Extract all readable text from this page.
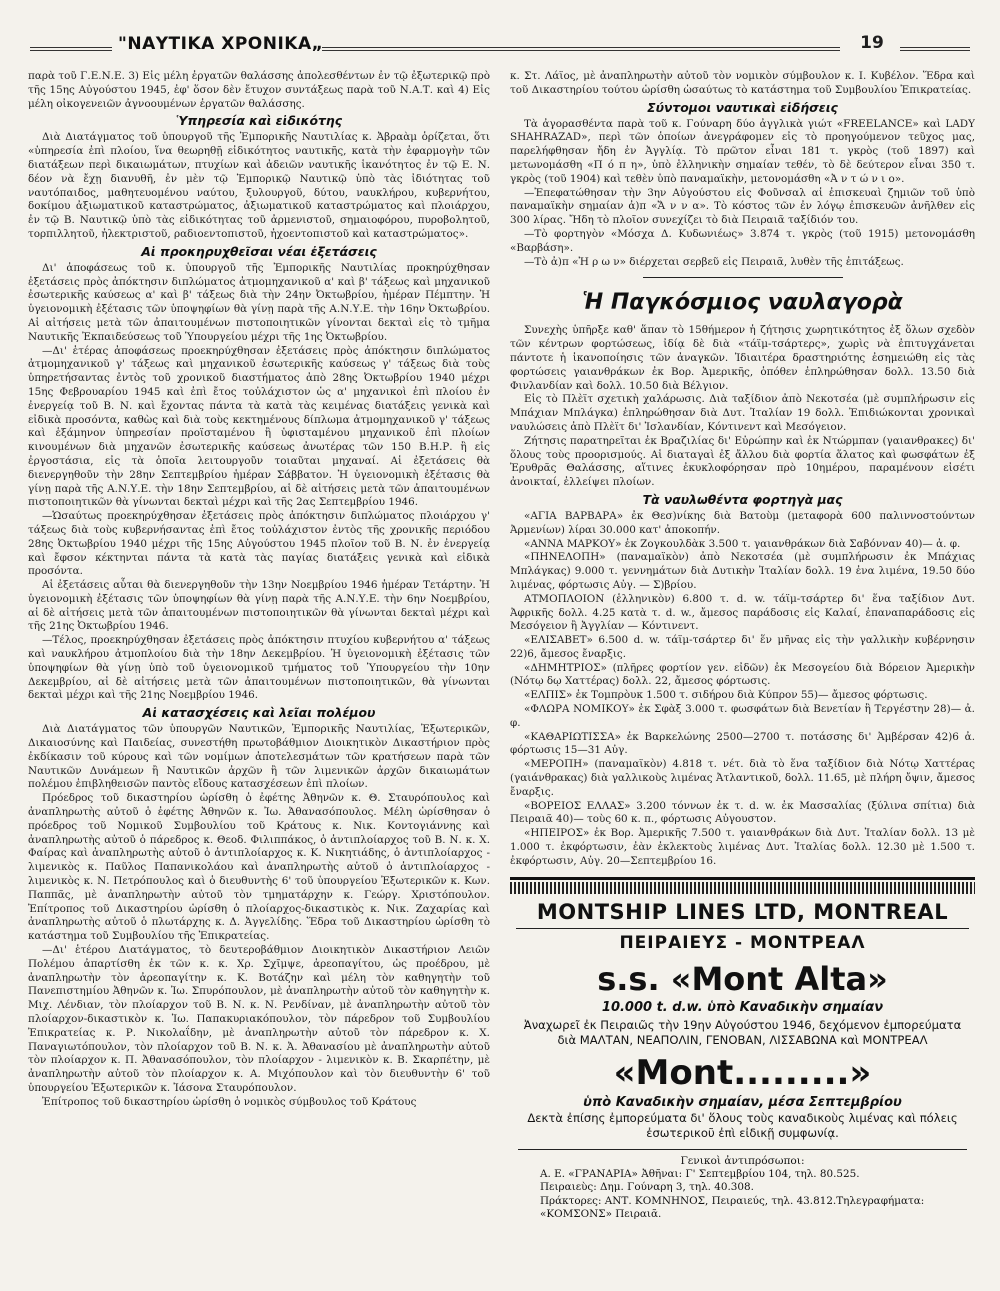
"ΝΑΥΤΙΚΑ ΧΡΟΝΙΚΑ„	19

παρὰ τοῦ Γ.Ε.Ν.Ε. 3) Εἰς μέλη ἐργατῶν θαλάσσης ἀπολεσθέντων ἐν τῷ ἐξωτερικῷ πρὸ τῆς 15ης Αὐγούστου 1945, ἐφ' ὅσον δὲν ἔτυχον συντάξεως παρὰ τοῦ Ν.Α.Τ. καὶ 4) Εἰς μέλη οἰκογενειῶν ἀγνοουμένων ἐργατῶν θαλάσσης.

Ὑπηρεσία καὶ εἰδικότης

Διὰ Διατάγματος τοῦ ὑπουργοῦ τῆς Ἐμπορικῆς Ναυτιλίας κ. Ἀβραὰμ ὁρίζεται, ὅτι «ὑπηρεσία ἐπὶ πλοίου, ἵνα θεωρηθῇ εἰδικότητος ναυτικῆς, κατὰ τὴν ἐφαρμογὴν τῶν διατάξεων περὶ δικαιωμάτων, πτυχίων καὶ ἀδειῶν ναυτικῆς ἱκανότητος ἐν τῷ Ε. Ν. δέον νὰ ἔχῃ διανυθῆ, ἐν μὲν τῷ Ἐμπορικῷ Ναυτικῷ ὑπὸ τὰς ἰδιότητας τοῦ ναυτόπαιδος, μαθητευομένου ναύτου, ξυλουργοῦ, δύτου, ναυκλήρου, κυβερνήτου, δοκίμου ἀξιωματικοῦ καταστρώματος, ἀξιωματικοῦ καταστρώματος καὶ πλοιάρχου, ἐν τῷ Β. Ναυτικῷ ὑπὸ τὰς εἰδικότητας τοῦ ἀρμενιστοῦ, σημαιοφόρου, πυροβολητοῦ, τορπιλλητοῦ, ἠλεκτριστοῦ, ραδιοεντοπιστοῦ, ἠχοεντοπιστοῦ καὶ καταστρώματος».

Αἱ προκηρυχθεῖσαι νέαι ἐξετάσεις

Δι' ἀποφάσεως τοῦ κ. ὑπουργοῦ τῆς Ἐμπορικῆς Ναυτιλίας προκηρύχθησαν ἐξετάσεις πρὸς ἀπόκτησιν διπλώματος ἀτμομηχανικοῦ α' καὶ β' τάξεως καὶ μηχανικοῦ ἐσωτερικῆς καύσεως α' καὶ β' τάξεως διὰ τὴν 24ην Ὀκτωβρίου, ἡμέραν Πέμπτην. Ἡ ὑγειονομικὴ ἐξέτασις τῶν ὑποψηφίων θὰ γίνῃ παρὰ τῆς Α.Ν.Υ.Ε. τὴν 16ην Ὀκτωβρίου. Αἱ αἰτήσεις μετὰ τῶν ἀπαιτουμένων πιστοποιητικῶν γίνονται δεκταὶ εἰς τὸ τμῆμα Ναυτικῆς Ἐκπαιδεύσεως τοῦ Ὑπουργείου μέχρι τῆς 1ης Ὀκτωβρίου.

—Δι' ἑτέρας ἀποφάσεως προεκηρύχθησαν ἐξετάσεις πρὸς ἀπόκτησιν διπλώματος ἀτμομηχανικοῦ γ' τάξεως καὶ μηχανικοῦ ἐσωτερικῆς καύσεως γ' τάξεως διὰ τοὺς ὑπηρετήσαντας ἐντὸς τοῦ χρονικοῦ διαστήματος ἀπὸ 28ης Ὀκτωβρίου 1940 μέχρι 15ης Φεβρουαρίου 1945 καὶ ἐπὶ ἔτος τοὐλάχιστον ὡς α' μηχανικοὶ ἐπὶ πλοίου ἐν ἐνεργείᾳ τοῦ Β. Ν. καὶ ἔχοντας πάντα τὰ κατὰ τὰς κειμένας διατάξεις γενικὰ καὶ εἰδικὰ προσόντα, καθὼς καὶ διὰ τοὺς κεκτημένους δίπλωμα ἀτμομηχανικοῦ γ' τάξεως καὶ ἑξάμηνον ὑπηρεσίαν προϊσταμένου ἢ ὑφισταμένου μηχανικοῦ ἐπὶ πλοίων κινουμένων διὰ μηχανῶν ἐσωτερικῆς καύσεως ἀνωτέρας τῶν 150 Β.Η.Ρ. ἢ εἰς ἐργοστάσια, εἰς τὰ ὁποῖα λειτουργοῦν τοιαῦται μηχαναί. Αἱ ἐξετάσεις θὰ διενεργηθοῦν τὴν 28ην Σεπτεμβρίου ἡμέραν Σάββατον. Ἡ ὑγειονομικὴ ἐξέτασις θὰ γίνῃ παρὰ τῆς Α.Ν.Υ.Ε. τὴν 18ην Σεπτεμβρίου, αἱ δὲ αἰτήσεις μετὰ τῶν ἀπαιτουμένων πιστοποιητικῶν θὰ γίνωνται δεκταὶ μέχρι καὶ τῆς 2ας Σεπτεμβρίου 1946.

—Ὡσαύτως προεκηρύχθησαν ἐξετάσεις πρὸς ἀπόκτησιν διπλώματος πλοιάρχου γ' τάξεως διὰ τοὺς κυβερνήσαντας ἐπὶ ἔτος τοὐλάχιστον ἐντὸς τῆς χρονικῆς περιόδου 28ης Ὀκτωβρίου 1940 μέχρι τῆς 15ης Αὐγούστου 1945 πλοῖον τοῦ Β. Ν. ἐν ἐνεργείᾳ καὶ ἔφσον κέκτηνται πάντα τὰ κατὰ τὰς παγίας διατάξεις γενικὰ καὶ εἰδικὰ προσόντα.

Αἱ ἐξετάσεις αὗται θὰ διενεργηθοῦν τὴν 13ην Νοεμβρίου 1946 ἡμέραν Τετάρτην. Ἡ ὑγειονομικὴ ἐξέτασις τῶν ὑποψηφίων θὰ γίνῃ παρὰ τῆς Α.Ν.Υ.Ε. τὴν 6ην Νοεμβρίου, αἱ δὲ αἰτήσεις μετὰ τῶν ἀπαιτουμένων πιστοποιητικῶν θὰ γίνωνται δεκταὶ μέχρι καὶ τῆς 21ης Ὀκτωβρίου 1946.

—Τέλος, προεκηρύχθησαν ἐξετάσεις πρὸς ἀπόκτησιν πτυχίου κυβερνήτου α' τάξεως καὶ ναυκλήρου ἀτμοπλοίου διὰ τὴν 18ην Δεκεμβρίου. Ἡ ὑγειονομικὴ ἐξέτασις τῶν ὑποψηφίων θὰ γίνῃ ὑπὸ τοῦ ὑγειονομικοῦ τμήματος τοῦ Ὑπουργείου τὴν 10ην Δεκεμβρίου, αἱ δὲ αἰτήσεις μετὰ τῶν ἀπαιτουμένων πιστοποιητικῶν, θὰ γίνωνται δεκταὶ μέχρι καὶ τῆς 21ης Νοεμβρίου 1946.

Αἱ κατασχέσεις καὶ λεῖαι πολέμου

Διὰ Διατάγματος τῶν ὑπουργῶν Ναυτικῶν, Ἐμπορικῆς Ναυτιλίας, Ἐξωτερικῶν, Δικαιοσύνης καὶ Παιδείας, συνεστήθη πρωτοβάθμιον Διοικητικὸν Δικαστήριον πρὸς ἐκδίκασιν τοῦ κύρους καὶ τῶν νομίμων ἀποτελεσμάτων τῶν κρατήσεων παρὰ τῶν Ναυτικῶν Δυνάμεων ἢ Ναυτικῶν ἀρχῶν ἢ τῶν λιμενικῶν ἀρχῶν δικαιωμάτων πολέμου ἐπιβληθεισῶν παντὸς εἴδους κατασχέσεων ἐπὶ πλοίων.

Πρόεδρος τοῦ δικαστηρίου ὡρίσθη ὁ ἐφέτης Ἀθηνῶν κ. Θ. Σταυρόπουλος καὶ ἀναπληρωτὴς αὐτοῦ ὁ ἐφέτης Ἀθηνῶν κ. Ἰω. Ἀθανασόπουλος. Μέλη ὡρίσθησαν ὁ πρόεδρος τοῦ Νομικοῦ Συμβουλίου τοῦ Κράτους κ. Νικ. Κοντογιάννης καὶ ἀναπληρωτὴς αὐτοῦ ὁ πάρεδρος κ. Θεοδ. Φιλιππάκος, ὁ ἀντιπλοίαρχος τοῦ Β. Ν. κ. Χ. Φαίρας καὶ ἀναπληρωτὴς αὐτοῦ ὁ ἀντιπλοίαρχος κ. Κ. Νικητιάδης, ὁ ἀντιπλοίαρχος - λιμενικὸς κ. Παῦλος Παπανικολάου καὶ ἀναπληρωτὴς αὐτοῦ ὁ ἀντιπλοίαρχος - λιμενικὸς κ. Ν. Πετρόπουλος καὶ ὁ διευθυντὴς 6' τοῦ ὑπουργείου Ἐξωτερικῶν κ. Κων. Παππᾶς, μὲ ἀναπληρωτὴν αὐτοῦ τὸν τμηματάρχην κ. Γεώργ. Χριστόπουλον. Ἐπίτροπος τοῦ Δικαστηρίου ὡρίσθη ὁ πλοίαρχος-δικαστικὸς κ. Νικ. Ζαχαρίας καὶ ἀναπληρωτὴς αὐτοῦ ὁ πλωτάρχης κ. Δ. Ἀγγελίδης. Ἕδρα τοῦ Δικαστηρίου ὡρίσθη τὸ κατάστημα τοῦ Συμβουλίου τῆς Ἐπικρατείας.

—Δι' ἑτέρου Διατάγματος, τὸ δευτεροβάθμιον Διοικητικὸν Δικαστήριον Λειῶν Πολέμου ἀπαρτίσθη ἐκ τῶν κ. κ. Χρ. Σχῖμψε, ἀρεοπαγίτου, ὡς προέδρου, μὲ ἀναπληρωτὴν τὸν ἀρεοπαγίτην κ. Κ. Βοτάζην καὶ μέλη τὸν καθηγητὴν τοῦ Πανεπιστημίου Ἀθηνῶν κ. Ἰω. Σπυρόπουλον, μὲ ἀναπληρωτὴν αὐτοῦ τὸν καθηγητὴν κ. Μιχ. Λένδιαν, τὸν πλοίαρχον τοῦ Β. Ν. κ. Ν. Ρενδίναν, μὲ ἀναπληρωτὴν αὐτοῦ τὸν πλοίαρχον-δικαστικὸν κ. Ἰω. Παπακυριακόπουλον, τὸν πάρεδρον τοῦ Συμβουλίου Ἐπικρατείας κ. Ρ. Νικολαΐδην, μὲ ἀναπληρωτὴν αὐτοῦ τὸν πάρεδρον κ. Χ. Παναγιωτόπουλον, τὸν πλοίαρχον τοῦ Β. Ν. κ. Ἀ. Ἀθανασίου μὲ ἀναπληρωτὴν αὐτοῦ τὸν πλοίαρχον κ. Π. Ἀθανασόπουλον, τὸν πλοίαρχον - λιμενικὸν κ. Β. Σκαρπέτην, μὲ ἀναπληρωτὴν αὐτοῦ τὸν πλοίαρχον κ. Α. Μιχόπουλον καὶ τὸν διευθυντὴν 6' τοῦ ὑπουργείου Ἐξωτερικῶν κ. Ἰάσονα Σταυρόπουλον.

Ἐπίτροπος τοῦ δικαστηρίου ὡρίσθη ὁ νομικὸς σύμβουλος τοῦ Κράτους

κ. Στ. Λάϊος, μὲ ἀναπληρωτὴν αὐτοῦ τὸν νομικὸν σύμβουλον κ. Ι. Κυβέλον. Ἕδρα καὶ τοῦ Δικαστηρίου τούτου ὡρίσθη ὡσαύτως τὸ κατάστημα τοῦ Συμβουλίου Ἐπικρατείας.

Σύντομοι ναυτικαὶ εἰδήσεις

Τὰ ἀγορασθέντα παρὰ τοῦ κ. Γούναρη δύο ἀγγλικὰ γιώτ «FREELANCE» καὶ LADY SHAHRAZAD», περὶ τῶν ὁποίων ἀνεγράφομεν εἰς τὸ προηγούμενον τεῦχος μας, παρελήφθησαν ἤδη ἐν Ἀγγλίᾳ. Τὸ πρῶτον εἶναι 181 τ. γκρὸς (τοῦ 1897) καὶ μετωνομάσθη «Π ό π η», ὑπὸ ἑλληνικὴν σημαίαν τεθέν, τὸ δὲ δεύτερον εἶναι 350 τ. γκρὸς (τοῦ 1904) καὶ τεθὲν ὑπὸ παναμαϊκὴν, μετονομάσθη «Ἀ ν τ ώ ν ι ο».

—Ἐπεφατώθησαν τὴν 3ην Αὐγούστου εἰς Φοῦνσαλ αἱ ἐπισκευαὶ ζημιῶν τοῦ ὑπὸ παναμαϊκὴν σημαίαν ἀ)π «Ἄ ν ν α». Τὸ κόστος τῶν ἐν λόγῳ ἐπισκευῶν ἀνῆλθεν εἰς 300 λίρας. Ἤδη τὸ πλοῖον συνεχίζει τὸ διὰ Πειραιᾶ ταξίδιόν του.

—Τὸ φορτηγὸν «Μόσχα Δ. Κυδωνιέως» 3.874 τ. γκρὸς (τοῦ 1915) μετονομάσθη «Βαρβάση».

—Τὸ ἀ)π «Ἠ ρ ω ν» διέρχεται σερβεῦ εἰς Πειραιᾶ, λυθὲν τῆς ἐπιτάξεως.

Ἡ Παγκόσμιος ναυλαγορὰ

Συνεχὴς ὑπῆρξε καθ' ἅπαν τὸ 15θήμερον ἡ ζήτησις χωρητικότητος ἐξ ὅλων σχεδὸν τῶν κέντρων φορτώσεως, ἰδίᾳ δὲ διὰ «τάϊμ-τσάρτερς», χωρὶς νὰ ἐπιτυγχάνεται πάντοτε ἡ ἱκανοποίησις τῶν ἀναγκῶν. Ἰδιαιτέρα δραστηριότης ἐσημειώθη εἰς τὰς φορτώσεις γαιανθράκων ἐκ Βορ. Ἀμερικῆς, ὁπόθεν ἐπληρώθησαν δολλ. 13.50 διὰ Φινλανδίαν καὶ δολλ. 10.50 διὰ Βέλγιον.

Εἰς τὸ Πλὲϊτ σχετικὴ χαλάρωσις. Διὰ ταξίδιον ἀπὸ Νεκοτσέα (μὲ συμπλήρωσιν εἰς Μπάχιαν Μπλάγκα) ἐπληρώθησαν διὰ Δυτ. Ἰταλίαν 19 δολλ. Ἐπιδιώκονται χρονικαὶ ναυλώσεις ἀπὸ Πλὲϊτ δι' Ἰσλανδίαν, Κόντινεντ καὶ Μεσόγειον.

Ζήτησις παρατηρεῖται ἐκ Βραζιλίας δι' Εὐρώπην καὶ ἐκ Ντώρμπαν (γαιανθρακες) δι' ὅλους τοὺς προορισμούς. Αἱ διαταγαὶ ἐξ ἄλλου διὰ φορτία ἅλατος καὶ φωσφάτων ἐξ Ἐρυθρᾶς Θαλάσσης, αἵτινες ἐκυκλοφόρησαν πρὸ 10ημέρου, παραμένουν εἰσέτι ἀνοικταί, ἐλλείψει πλοίων.

Τὰ ναυλωθέντα φορτηγὰ μας

«ΑΓΙΑ ΒΑΡΒΑΡΑ» ἐκ Θεσ)νίκης διὰ Βατοὺμ (μεταφορὰ 600 παλιννοστούντων Ἀρμενίων) λίραι 30.000 κατ' ἀποκοπήν.

«ΑΝΝΑ ΜΑΡΚΟΥ» ἐκ Ζογκουλδὰκ 3.500 τ. γαιανθράκων διὰ Σαβόνναν 40)— ἀ. φ.

«ΠΗΝΕΛΟΠΗ» (παναμαϊκὸν) ἀπὸ Νεκοτσέα (μὲ συμπλήρωσιν ἐκ Μπάχιας Μπλάγκας) 9.000 τ. γεννημάτων διὰ Δυτικὴν Ἰταλίαν δολλ. 19 ἐνα λιμένα, 19.50 δύο λιμένας, φόρτωσις Αὐγ. — Σ)βρίου.

ΑΤΜΟΠΛΟΙΟΝ (ἑλληνικὸν) 6.800 τ. d. w. τάϊμ-τσάρτερ δι' ἕνα ταξίδιον Δυτ. Ἀφρικῆς δολλ. 4.25 κατὰ τ. d. w., ἄμεσος παράδοσις εἰς Καλαί, ἐπαναπαράδοσις εἰς Μεσόγειον ἢ Ἀγγλίαν — Κόντινεντ.

«ΕΛΙΣΑΒΕΤ» 6.500 d. w. τάϊμ-τσάρτερ δι' ἕν μῆνας εἰς τὴν γαλλικὴν κυβέρνησιν 22)6, ἄμεσος ἔναρξις.

«ΔΗΜΗΤΡΙΟΣ» (πλῆρες φορτίον γεν. εἰδῶν) ἐκ Μεσογείου διὰ Βόρειον Ἀμερικὴν (Νότῳ δῳ Χαττέρας) δολλ. 22, ἄμεσος φόρτωσις.

«ΕΛΠΙΣ» ἐκ Τομπρὸυκ 1.500 τ. σιδήρου διὰ Κύπρον 55)— ἄμεσος φόρτωσις.

«ΦΛΩΡΑ ΝΟΜΙΚΟΥ» ἐκ Σφὰξ 3.000 τ. φωσφάτων διὰ Βενετίαν ἢ Τεργέστην 28)— ἀ. φ.

«ΚΑΘΑΡΙΩΤΙΣΣΑ» ἐκ Βαρκελώνης 2500—2700 τ. ποτάσσης δι' Ἀμβέρσαν 42)6 ἀ. φόρτωσις 15—31 Αὐγ.

«ΜΕΡΟΠΗ» (παναμαϊκὸν) 4.818 τ. νέτ. διὰ τὸ ἕνα ταξίδιον διὰ Νότῳ Χαττέρας (γαιάνθρακας) διὰ γαλλικοὺς λιμένας Ἀτλαντικοῦ, δολλ. 11.65, μὲ πλήρη ὄψιν, ἄμεσος ἔναρξις.

«ΒΟΡΕΙΟΣ ΕΛΛΑΣ» 3.200 τόννων ἐκ τ. d. w. ἐκ Μασσαλίας (ξύλινα σπίτια) διὰ Πειραιᾶ 40)— τοὺς 60 κ. π., φόρτωσις Αὐγουστον.

«ΗΠΕΙΡΟΣ» ἐκ Βορ. Ἀμερικῆς 7.500 τ. γαιανθράκων διὰ Δυτ. Ἰταλίαν δολλ. 13 μὲ 1.000 τ. ἐκφόρτωσιν, ἐὰν ἐκλεκτοὺς λιμένας Δυτ. Ἰταλίας δολλ. 12.30 μὲ 1.500 τ. ἐκφόρτωσιν, Αὐγ. 20—Σεπτεμβρίου 16.

MONTSHIP LINES LTD, MONTREAL
ΠΕΙΡΑΙΕΥΣ - ΜΟΝΤΡΕΑΛ
s.s. «Mont Alta»
10.000 t. d.w. ὑπὸ Καναδικὴν σημαίαν
Ἀναχωρεῖ ἐκ Πειραιῶς τὴν 19ην Αὐγούστου 1946, δεχόμενον ἐμπορεύματα διὰ ΜΑΛΤΑΝ, ΝΕΑΠΟΛΙΝ, ΓΕΝΟΒΑΝ, ΛΙΣΣΑΒΩΝΑ καὶ ΜΟΝΤΡΕΑΛ
«Mont.........»
ὑπὸ Καναδικὴν σημαίαν, μέσα Σεπτεμβρίου
Δεκτὰ ἐπίσης ἐμπορεύματα δι' ὅλους τοὺς καναδικοὺς λιμένας καὶ πόλεις ἐσωτερικοῦ ἐπὶ εἰδικῇ συμφωνίᾳ.
Γενικοὶ ἀντιπρόσωποι:
Α. Ε. «ΓΡΑΝΑΡΙΑ» Ἀθῆναι: Γ' Σεπτεμβρίου 104, τηλ. 80.525.
Πειραιεὺς: Δημ. Γούναρη 3, τηλ. 40.308.
Πράκτορες: ΑΝΤ. ΚΟΜΝΗΝΟΣ, Πειραιεύς, τηλ. 43.812.Τηλεγραφήματα: «ΚΟΜΣΟΝΣ» Πειραιᾶ.
